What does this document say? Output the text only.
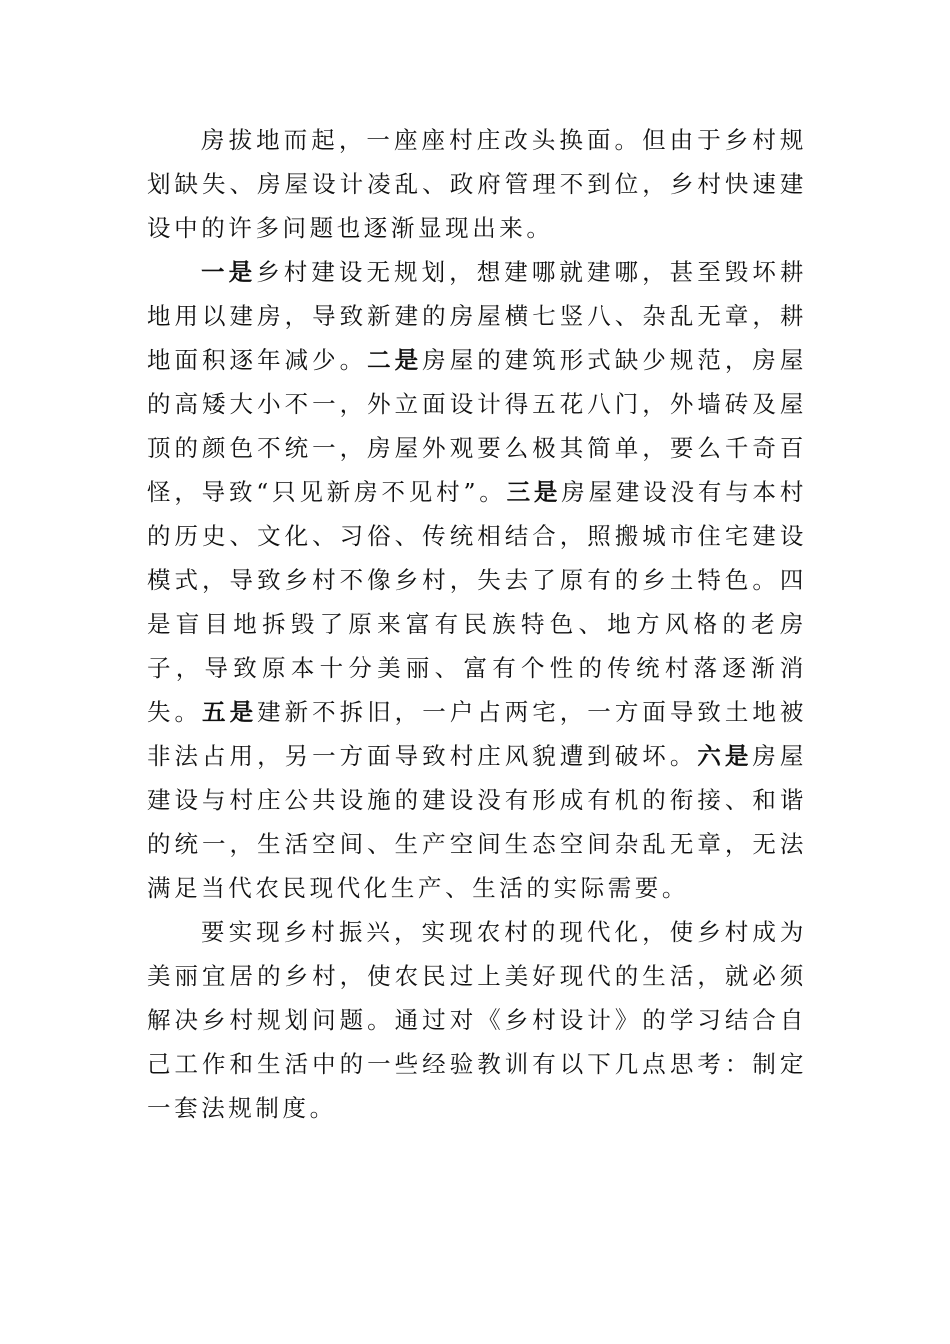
房拔地而起，一座座村庄改头换面。但由于乡村规划缺失、房屋设计凌乱、政府管理不到位，乡村快速建设中的许多问题也逐渐显现出来。

一是乡村建设无规划，想建哪就建哪，甚至毁坏耕地用以建房，导致新建的房屋横七竖八、杂乱无章，耕地面积逐年减少。二是房屋的建筑形式缺少规范，房屋的高矮大小不一，外立面设计得五花八门，外墙砖及屋顶的颜色不统一，房屋外观要么极其简单，要么千奇百怪，导致“只见新房不见村”。三是房屋建设没有与本村的历史、文化、习俗、传统相结合，照搬城市住宅建设模式，导致乡村不像乡村，失去了原有的乡土特色。四是盲目地拆毁了原来富有民族特色、地方风格的老房子，导致原本十分美丽、富有个性的传统村落逐渐消失。五是建新不拆旧，一户占两宅，一方面导致土地被非法占用，另一方面导致村庄风貌遭到破坏。六是房屋建设与村庄公共设施的建设没有形成有机的衔接、和谐的统一，生活空间、生产空间生态空间杂乱无章，无法满足当代农民现代化生产、生活的实际需要。

要实现乡村振兴，实现农村的现代化，使乡村成为美丽宜居的乡村，使农民过上美好现代的生活，就必须解决乡村规划问题。通过对《乡村设计》的学习结合自己工作和生活中的一些经验教训有以下几点思考：制定一套法规制度。
